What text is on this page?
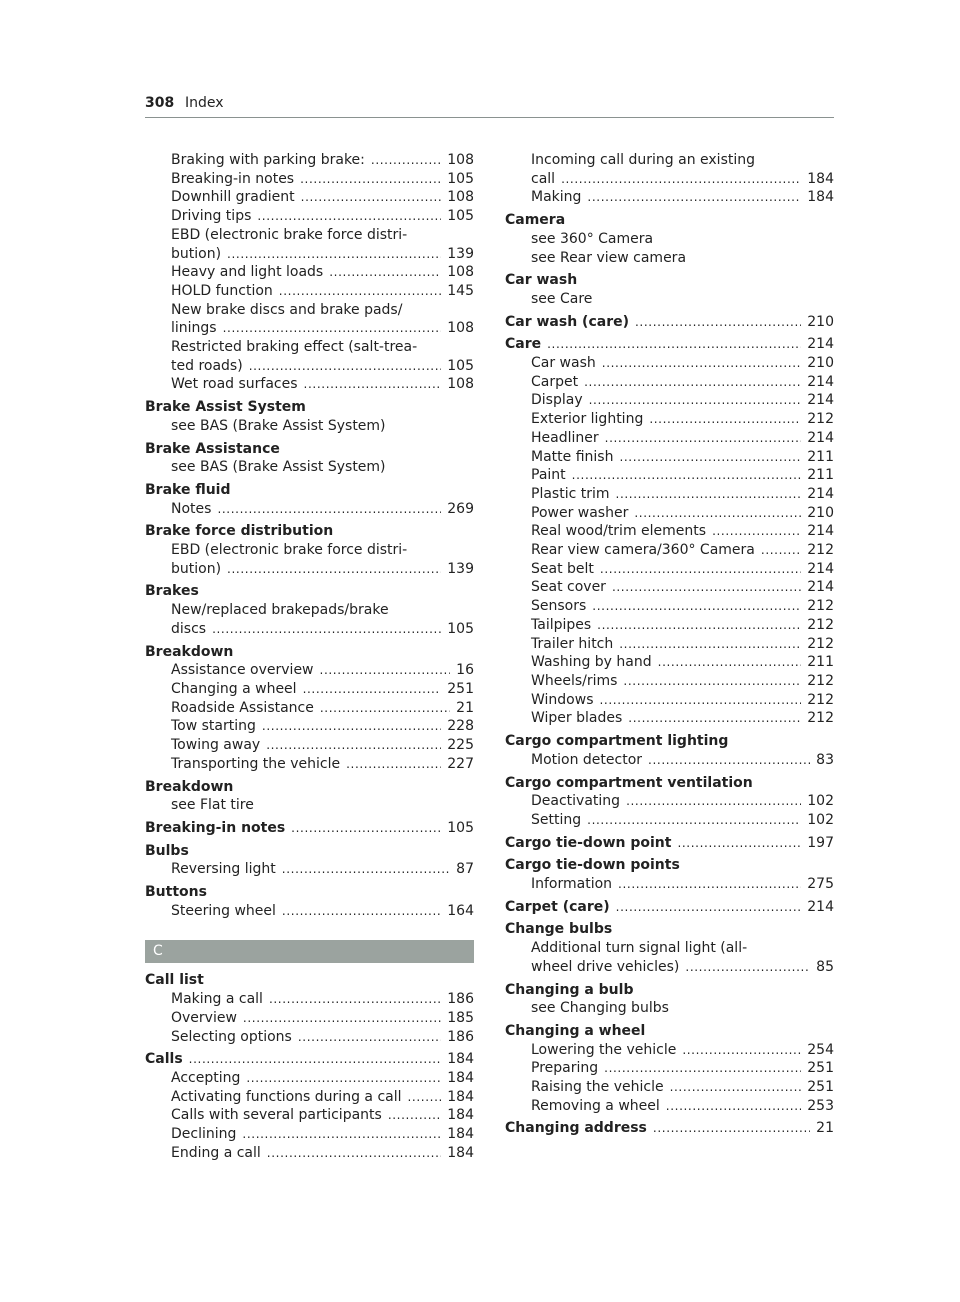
308 Index
Braking with parking brake: . . .	108
Breaking-in notes . . .	105
Downhill gradient . . .	108
Driving tips . . .	105
EBD (electronic brake force distri-
bution) . . .	139
Heavy and light loads . . .	108
HOLD function . . .	145
New brake discs and brake pads/
linings . . .	108
Restricted braking effect (salt-trea-
ted roads) . . .	105
Wet road surfaces . . .	108
Brake Assist System
see BAS (Brake Assist System)
Brake Assistance
see BAS (Brake Assist System)
Brake fluid
Notes . . .	269
Brake force distribution
EBD (electronic brake force distri-
bution) . . .	139
Brakes
New/replaced brakepads/brake
discs . . .	105
Breakdown
Assistance overview . . .	16
Changing a wheel . . .	251
Roadside Assistance . . .	21
Tow starting . . .	228
Towing away . . .	225
Transporting the vehicle . . .	227
Breakdown
see Flat tire
Breaking-in notes . . .	105
Bulbs
Reversing light . . .	87
Buttons
Steering wheel . . .	164
C
Call list
Making a call . . .	186
Overview . . .	185
Selecting options . . .	186
Calls . . .	184
Accepting . . .	184
Activating functions during a call . . .	184
Calls with several participants . . .	184
Declining . . .	184
Ending a call . . .	184
Incoming call during an existing
call . . .	184
Making . . .	184
Camera
see 360° Camera
see Rear view camera
Car wash
see Care
Car wash (care) . . .	210
Care . . .	214
Car wash . . .	210
Carpet . . .	214
Display . . .	214
Exterior lighting . . .	212
Headliner . . .	214
Matte finish . . .	211
Paint . . .	211
Plastic trim . . .	214
Power washer . . .	210
Real wood/trim elements . . .	214
Rear view camera/360° Camera . . .	212
Seat belt . . .	214
Seat cover . . .	214
Sensors . . .	212
Tailpipes . . .	212
Trailer hitch . . .	212
Washing by hand . . .	211
Wheels/rims . . .	212
Windows . . .	212
Wiper blades . . .	212
Cargo compartment lighting
Motion detector . . .	83
Cargo compartment ventilation
Deactivating . . .	102
Setting . . .	102
Cargo tie-down point . . .	197
Cargo tie-down points
Information . . .	275
Carpet (care) . . .	214
Change bulbs
Additional turn signal light (all-
wheel drive vehicles) . . .	85
Changing a bulb
see Changing bulbs
Changing a wheel
Lowering the vehicle . . .	254
Preparing . . .	251
Raising the vehicle . . .	251
Removing a wheel . . .	253
Changing address . . .	21
